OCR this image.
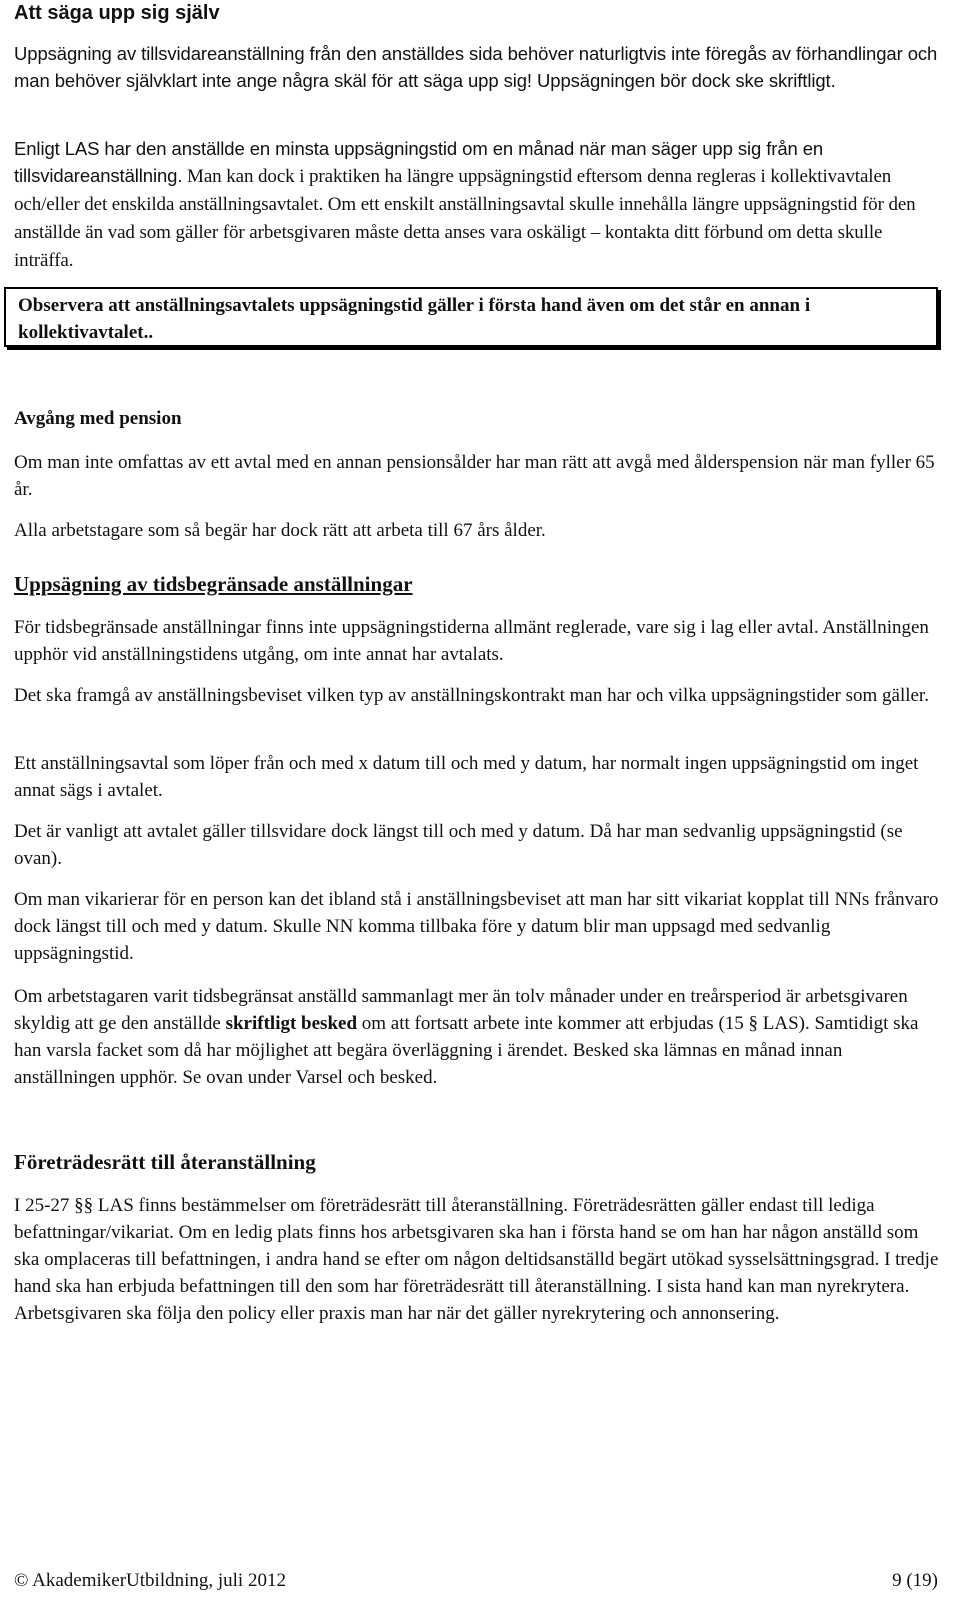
Att säga upp sig själv

Uppsägning av tillsvidareanställning från den anställdes sida behöver naturligtvis inte föregås av förhandlingar och man behöver självklart inte ange några skäl för att säga upp sig! Uppsägningen bör dock ske skriftligt.

Enligt LAS har den anställde en minsta uppsägningstid om en månad när man säger upp sig från en tillsvidareanställning. Man kan dock i praktiken ha längre uppsägningstid eftersom denna regleras i kollektivavtalen och/eller det enskilda anställningsavtalet. Om ett enskilt anställningsavtal skulle innehålla längre uppsägningstid för den anställde än vad som gäller för arbetsgivaren måste detta anses vara oskäligt – kontakta ditt förbund om detta skulle inträffa.

Observera att anställningsavtalets uppsägningstid gäller i första hand även om det står en annan i kollektivavtalet..
Avgång med pension

Om man inte omfattas av ett avtal med en annan pensionsålder har man rätt att avgå med ålderspension när man fyller 65 år.

Alla arbetstagare som så begär har dock rätt att arbeta till 67 års ålder.

Uppsägning av tidsbegränsade anställningar

För tidsbegränsade anställningar finns inte uppsägningstiderna allmänt reglerade, vare sig i lag eller avtal. Anställningen upphör vid anställningstidens utgång, om inte annat har avtalats.

Det ska framgå av anställningsbeviset vilken typ av anställningskontrakt man har och vilka uppsägningstider som gäller.

Ett anställningsavtal som löper från och med x datum till och med y datum, har normalt ingen uppsägningstid om inget annat sägs i avtalet.

Det är vanligt att avtalet gäller tillsvidare dock längst till och med y datum. Då har man sedvanlig uppsägningstid (se ovan).

Om man vikarierar för en person kan det ibland stå i anställningsbeviset att man har sitt vikariat kopplat till NNs frånvaro dock längst till och med y datum. Skulle NN komma tillbaka före y datum blir man uppsagd med sedvanlig uppsägningstid.

Om arbetstagaren varit tidsbegränsat anställd sammanlagt mer än tolv månader under en treårsperiod är arbetsgivaren skyldig att ge den anställde skriftligt besked om att fortsatt arbete inte kommer att erbjudas (15 § LAS). Samtidigt ska han varsla facket som då har möjlighet att begära överläggning i ärendet. Besked ska lämnas en månad innan anställningen upphör. Se ovan under Varsel och besked.

Företrädesrätt till återanställning

I 25-27 §§ LAS finns bestämmelser om företrädesrätt till återanställning. Företrädesrätten gäller endast till lediga befattningar/vikariat. Om en ledig plats finns hos arbetsgivaren ska han i första hand se om han har någon anställd som ska omplaceras till befattningen, i andra hand se efter om någon deltidsanställd begärt utökad sysselsättningsgrad. I tredje hand ska han erbjuda befattningen till den som har företrädesrätt till återanställning. I sista hand kan man nyrekrytera. Arbetsgivaren ska följa den policy eller praxis man har när det gäller nyrekrytering och annonsering.

© AkademikerUtbildning, juli 2012	9 (19)
